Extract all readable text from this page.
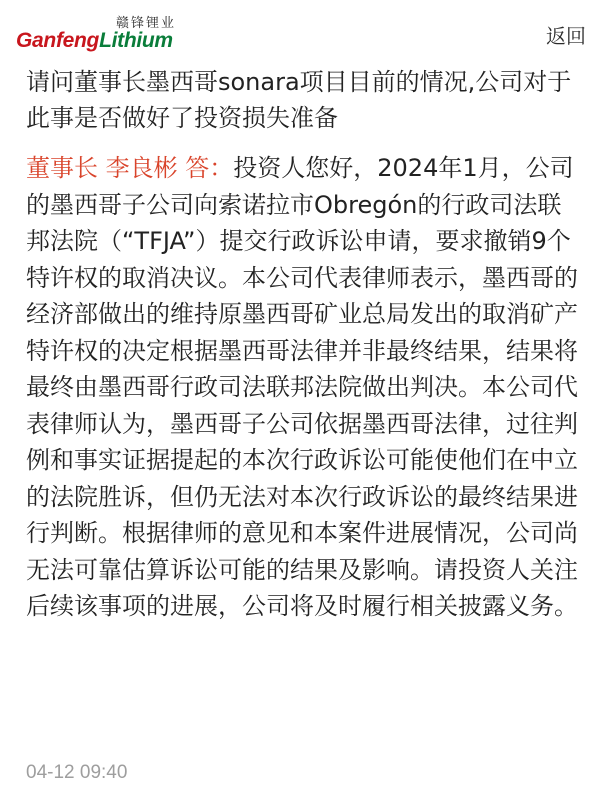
赣锋锂业
GanfengLithium	返回

请问董事长墨西哥sonara项目目前的情况,公司对于此事是否做好了投资损失准备

董事长 李良彬 答：投资人您好，2024年1月，公司的墨西哥子公司向索诺拉市Obregón的行政司法联邦法院（“TFJA”）提交行政诉讼申请，要求撤销9个特许权的取消决议。本公司代表律师表示，墨西哥的经济部做出的维持原墨西哥矿业总局发出的取消矿产特许权的决定根据墨西哥法律并非最终结果，结果将最终由墨西哥行政司法联邦法院做出判决。本公司代表律师认为，墨西哥子公司依据墨西哥法律，过往判例和事实证据提起的本次行政诉讼可能使他们在中立的法院胜诉，但仍无法对本次行政诉讼的最终结果进行判断。根据律师的意见和本案件进展情况，公司尚无法可靠估算诉讼可能的结果及影响。请投资人关注后续该事项的进展，公司将及时履行相关披露义务。
04-12 09:40
